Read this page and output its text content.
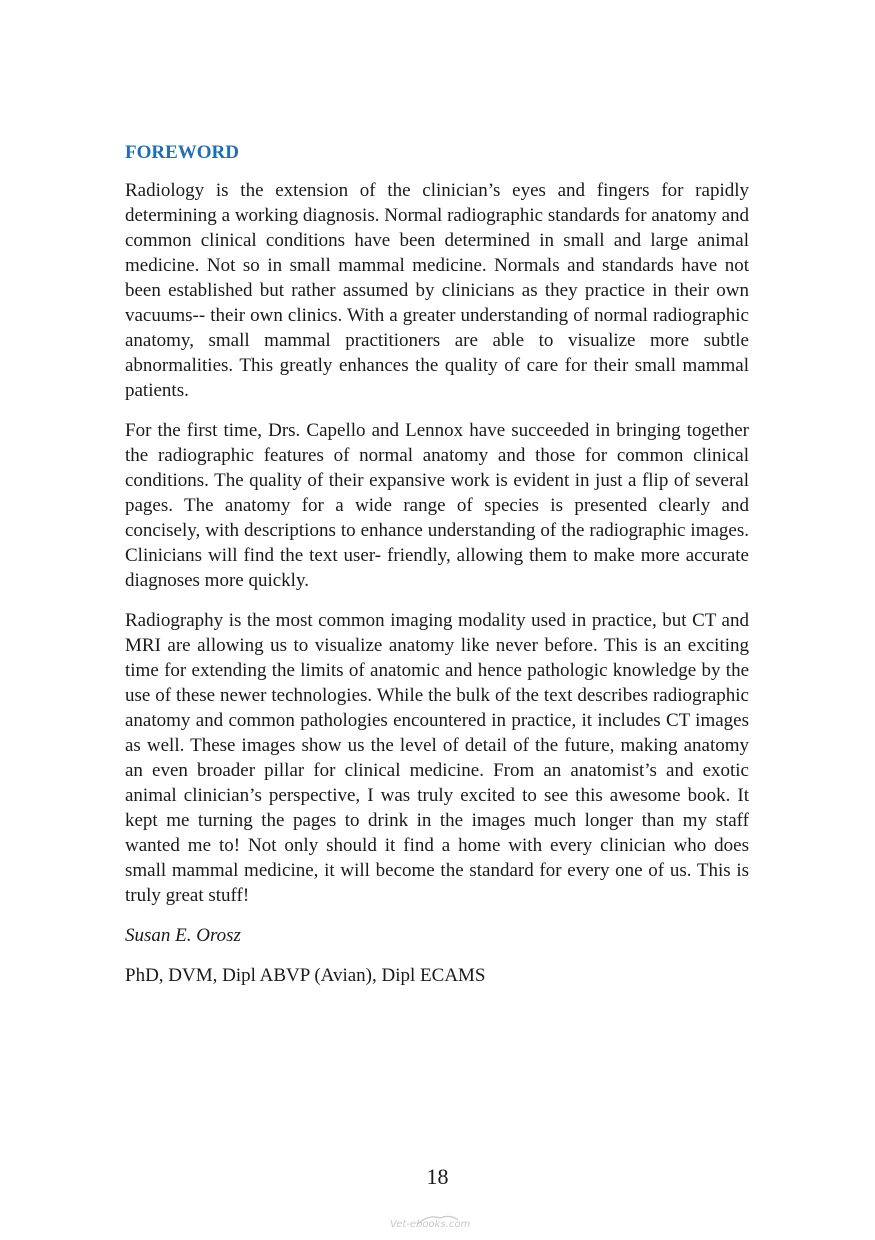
FOREWORD

Radiology is the extension of the clinician’s eyes and fingers for rapidly determining a working diagnosis. Normal radiographic standards for anatomy and common clinical conditions have been determined in small and large animal medicine. Not so in small mammal medicine. Normals and standards have not been established but rather assumed by clinicians as they practice in their own vacuums-- their own clinics. With a greater understanding of normal radiographic anatomy, small mammal practitioners are able to visualize more subtle abnormalities. This greatly enhances the quality of care for their small mammal patients.

For the first time, Drs. Capello and Lennox have succeeded in bringing together the radiographic features of normal anatomy and those for common clinical conditions. The quality of their expansive work is evident in just a flip of several pages. The anatomy for a wide range of species is presented clearly and concisely, with descriptions to enhance understanding of the radiographic images. Clinicians will find the text user- friendly, allowing them to make more accurate diagnoses more quickly.

Radiography is the most common imaging modality used in practice, but CT and MRI are allowing us to visualize anatomy like never before. This is an exciting time for extending the limits of anatomic and hence pathologic knowledge by the use of these newer technologies. While the bulk of the text describes radiographic anatomy and common pathologies encountered in practice, it includes CT images as well. These images show us the level of detail of the future, making anatomy an even broader pillar for clinical medicine. From an anatomist’s and exotic animal clinician’s perspective, I was truly excited to see this awesome book. It kept me turning the pages to drink in the images much longer than my staff wanted me to! Not only should it find a home with every clinician who does small mammal medicine, it will become the standard for every one of us. This is truly great stuff!

Susan E. Orosz

PhD, DVM, Dipl ABVP (Avian), Dipl ECAMS

18
Vet-ebooks.com
